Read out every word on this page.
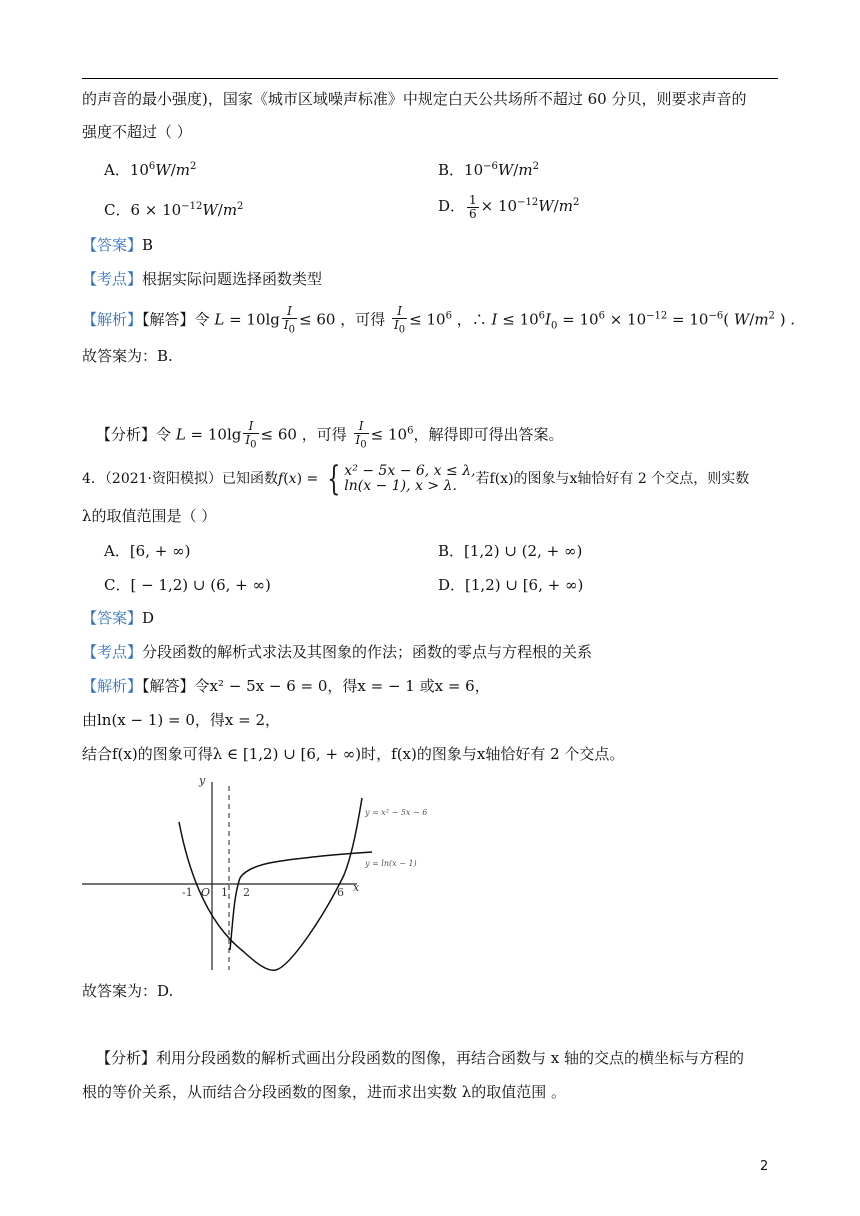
的声音的最小强度)，国家《城市区域噪声标准》中规定白天公共场所不超过 60 分贝，则要求声音的
强度不超过（ ）
A．$10^6W/m^2$	B．$10^{-6}W/m^2$
C．$6 \times 10^{-12}W/m^2$	D． $\frac{1}{6} \times 10^{-12}W/m^2$
【答案】B
【考点】根据实际问题选择函数类型
【解析】【解答】令 $L = 10\lg \frac{I}{I_0} \le 60$ ，可得 $\frac{I}{I_0} \le 10^6$ ，∴ $I \le 10^6I_0 = 10^6 \times 10^{-12} = 10^{-6}$( $W/m^2$ ) .
故答案为：B.
【分析】令 $L = 10\lg \frac{I}{I_0} \le 60$ ，可得 $\frac{I}{I_0} \le 10^6$，解得即可得出答案。
4．（2021·资阳模拟）已知函数f(x) = { x² − 5x − 6, x ≤ λ,
ln(x − 1), x > λ.	若f(x)的图象与x轴恰好有 2 个交点，则实数
λ的取值范围是（ ）
A．[6, + ∞)	B．[1,2) ∪ (2, + ∞)
C．[ − 1,2) ∪ (6, + ∞)	D．[1,2) ∪ [6, + ∞)
【答案】D
【考点】分段函数的解析式求法及其图象的作法；函数的零点与方程根的关系
【解析】【解答】令x² − 5x − 6 = 0，得x = − 1 或x = 6，
由ln(x − 1) = 0，得x = 2，
结合f(x)的图象可得λ ∈ [1,2) ∪ [6, + ∞)时，f(x)的图象与x轴恰好有 2 个交点。
x
y
O
-1	1 2	6
y = x² − 5x − 6
y = ln(x − 1)
故答案为：D.
【分析】利用分段函数的解析式画出分段函数的图像，再结合函数与 x 轴的交点的横坐标与方程的
根的等价关系，从而结合分段函数的图象，进而求出实数 λ的取值范围 。
2
